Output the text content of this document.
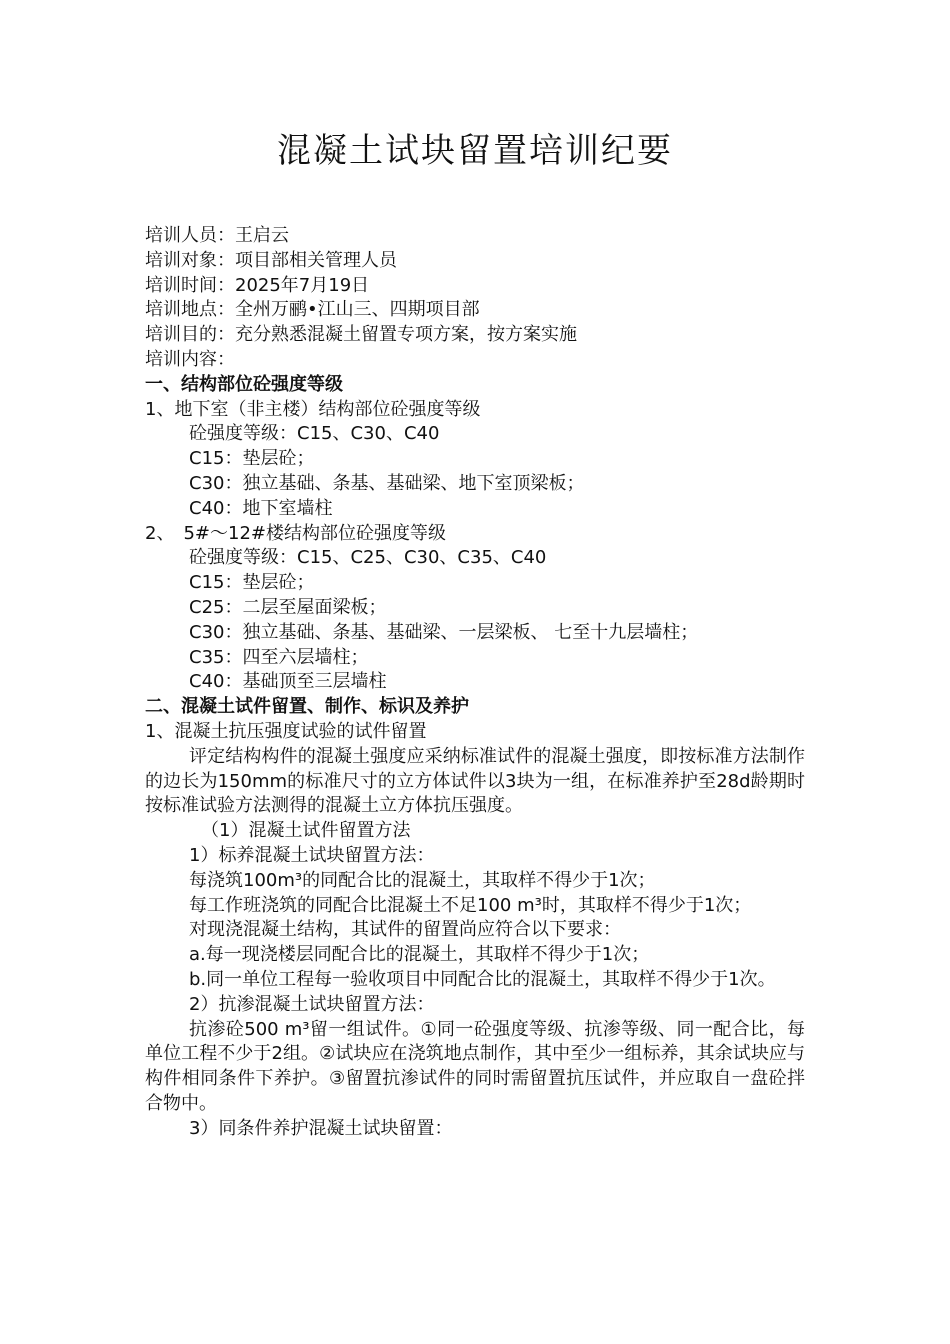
混凝土试块留置培训纪要
培训人员：王启云
培训对象：项目部相关管理人员
培训时间：2025年7月19日
培训地点：全州万鹂•江山三、四期项目部
培训目的：充分熟悉混凝土留置专项方案，按方案实施
培训内容：
一、结构部位砼强度等级
1、地下室（非主楼）结构部位砼强度等级
砼强度等级：C15、C30、C40
C15：垫层砼；
C30：独立基础、条基、基础梁、地下室顶梁板；
C40：地下室墙柱
2、　5#～12#楼结构部位砼强度等级
砼强度等级：C15、C25、C30、C35、C40
C15：垫层砼；
C25：二层至屋面梁板；
C30：独立基础、条基、基础梁、一层梁板、 七至十九层墙柱；
C35：四至六层墙柱；
C40：基础顶至三层墙柱
二、混凝土试件留置、制作、标识及养护
1、混凝土抗压强度试验的试件留置
评定结构构件的混凝土强度应采纳标准试件的混凝土强度，即按标准方法制作的边长为150mm的标准尺寸的立方体试件以3块为一组，在标准养护至28d龄期时按标准试验方法测得的混凝土立方体抗压强度。
（1）混凝土试件留置方法
1）标养混凝土试块留置方法：
每浇筑100m³的同配合比的混凝土，其取样不得少于1次；
每工作班浇筑的同配合比混凝土不足100 m³时，其取样不得少于1次；
对现浇混凝土结构，其试件的留置尚应符合以下要求：
a.每一现浇楼层同配合比的混凝土，其取样不得少于1次；
b.同一单位工程每一验收项目中同配合比的混凝土，其取样不得少于1次。
2）抗渗混凝土试块留置方法：
抗渗砼500 m³留一组试件。①同一砼强度等级、抗渗等级、同一配合比，每单位工程不少于2组。②试块应在浇筑地点制作，其中至少一组标养，其余试块应与构件相同条件下养护。③留置抗渗试件的同时需留置抗压试件，并应取自一盘砼拌合物中。
3）同条件养护混凝土试块留置：
